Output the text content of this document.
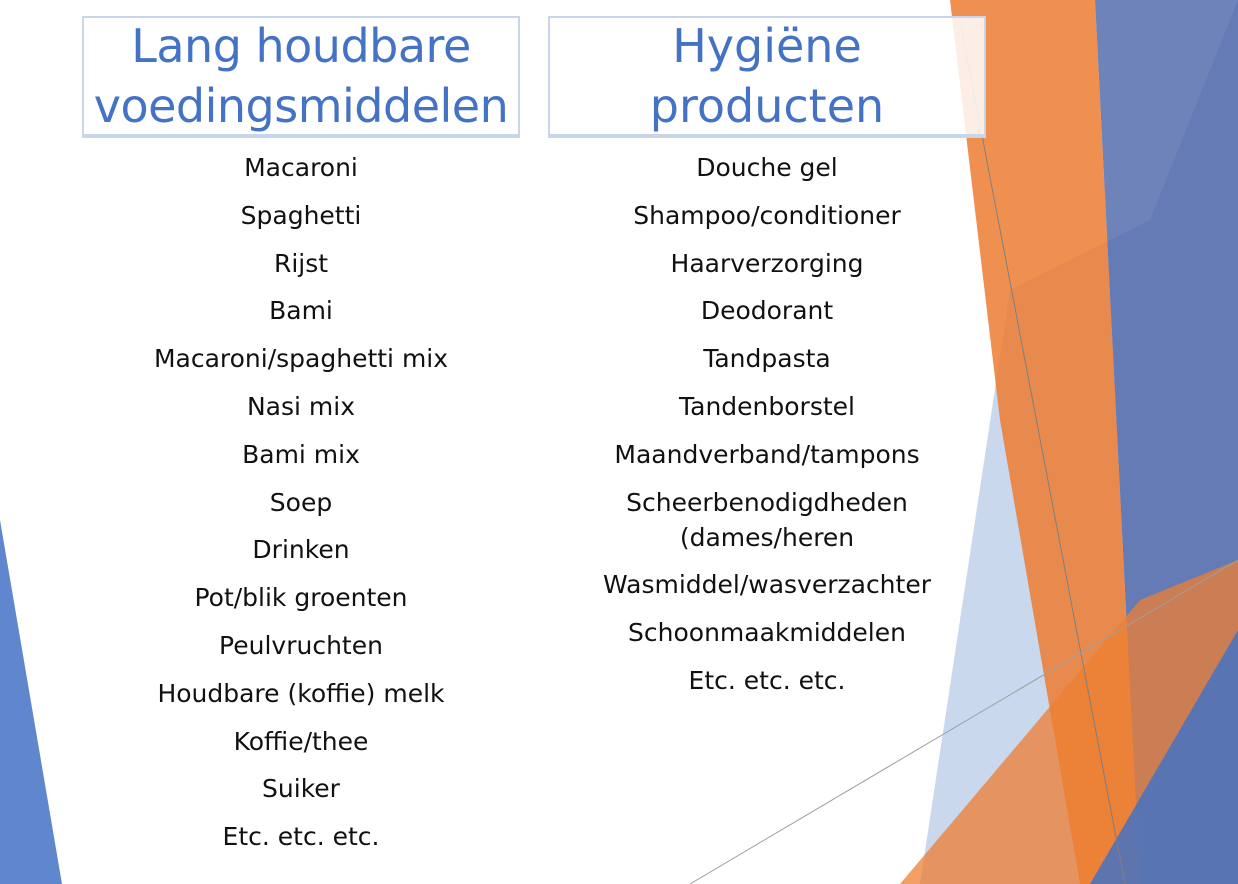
Lang houdbare
voedingsmiddelen
Macaroni
Spaghetti
Rijst
Bami
Macaroni/spaghetti mix
Nasi mix
Bami mix
Soep
Drinken
Pot/blik groenten
Peulvruchten
Houdbare (koffie) melk
Koffie/thee
Suiker
Etc. etc. etc.
Hygiëne
producten
Douche gel
Shampoo/conditioner
Haarverzorging
Deodorant
Tandpasta
Tandenborstel
Maandverband/tampons
Scheerbenodigdheden
(dames/heren
Wasmiddel/wasverzachter
Schoonmaakmiddelen
Etc. etc. etc.
